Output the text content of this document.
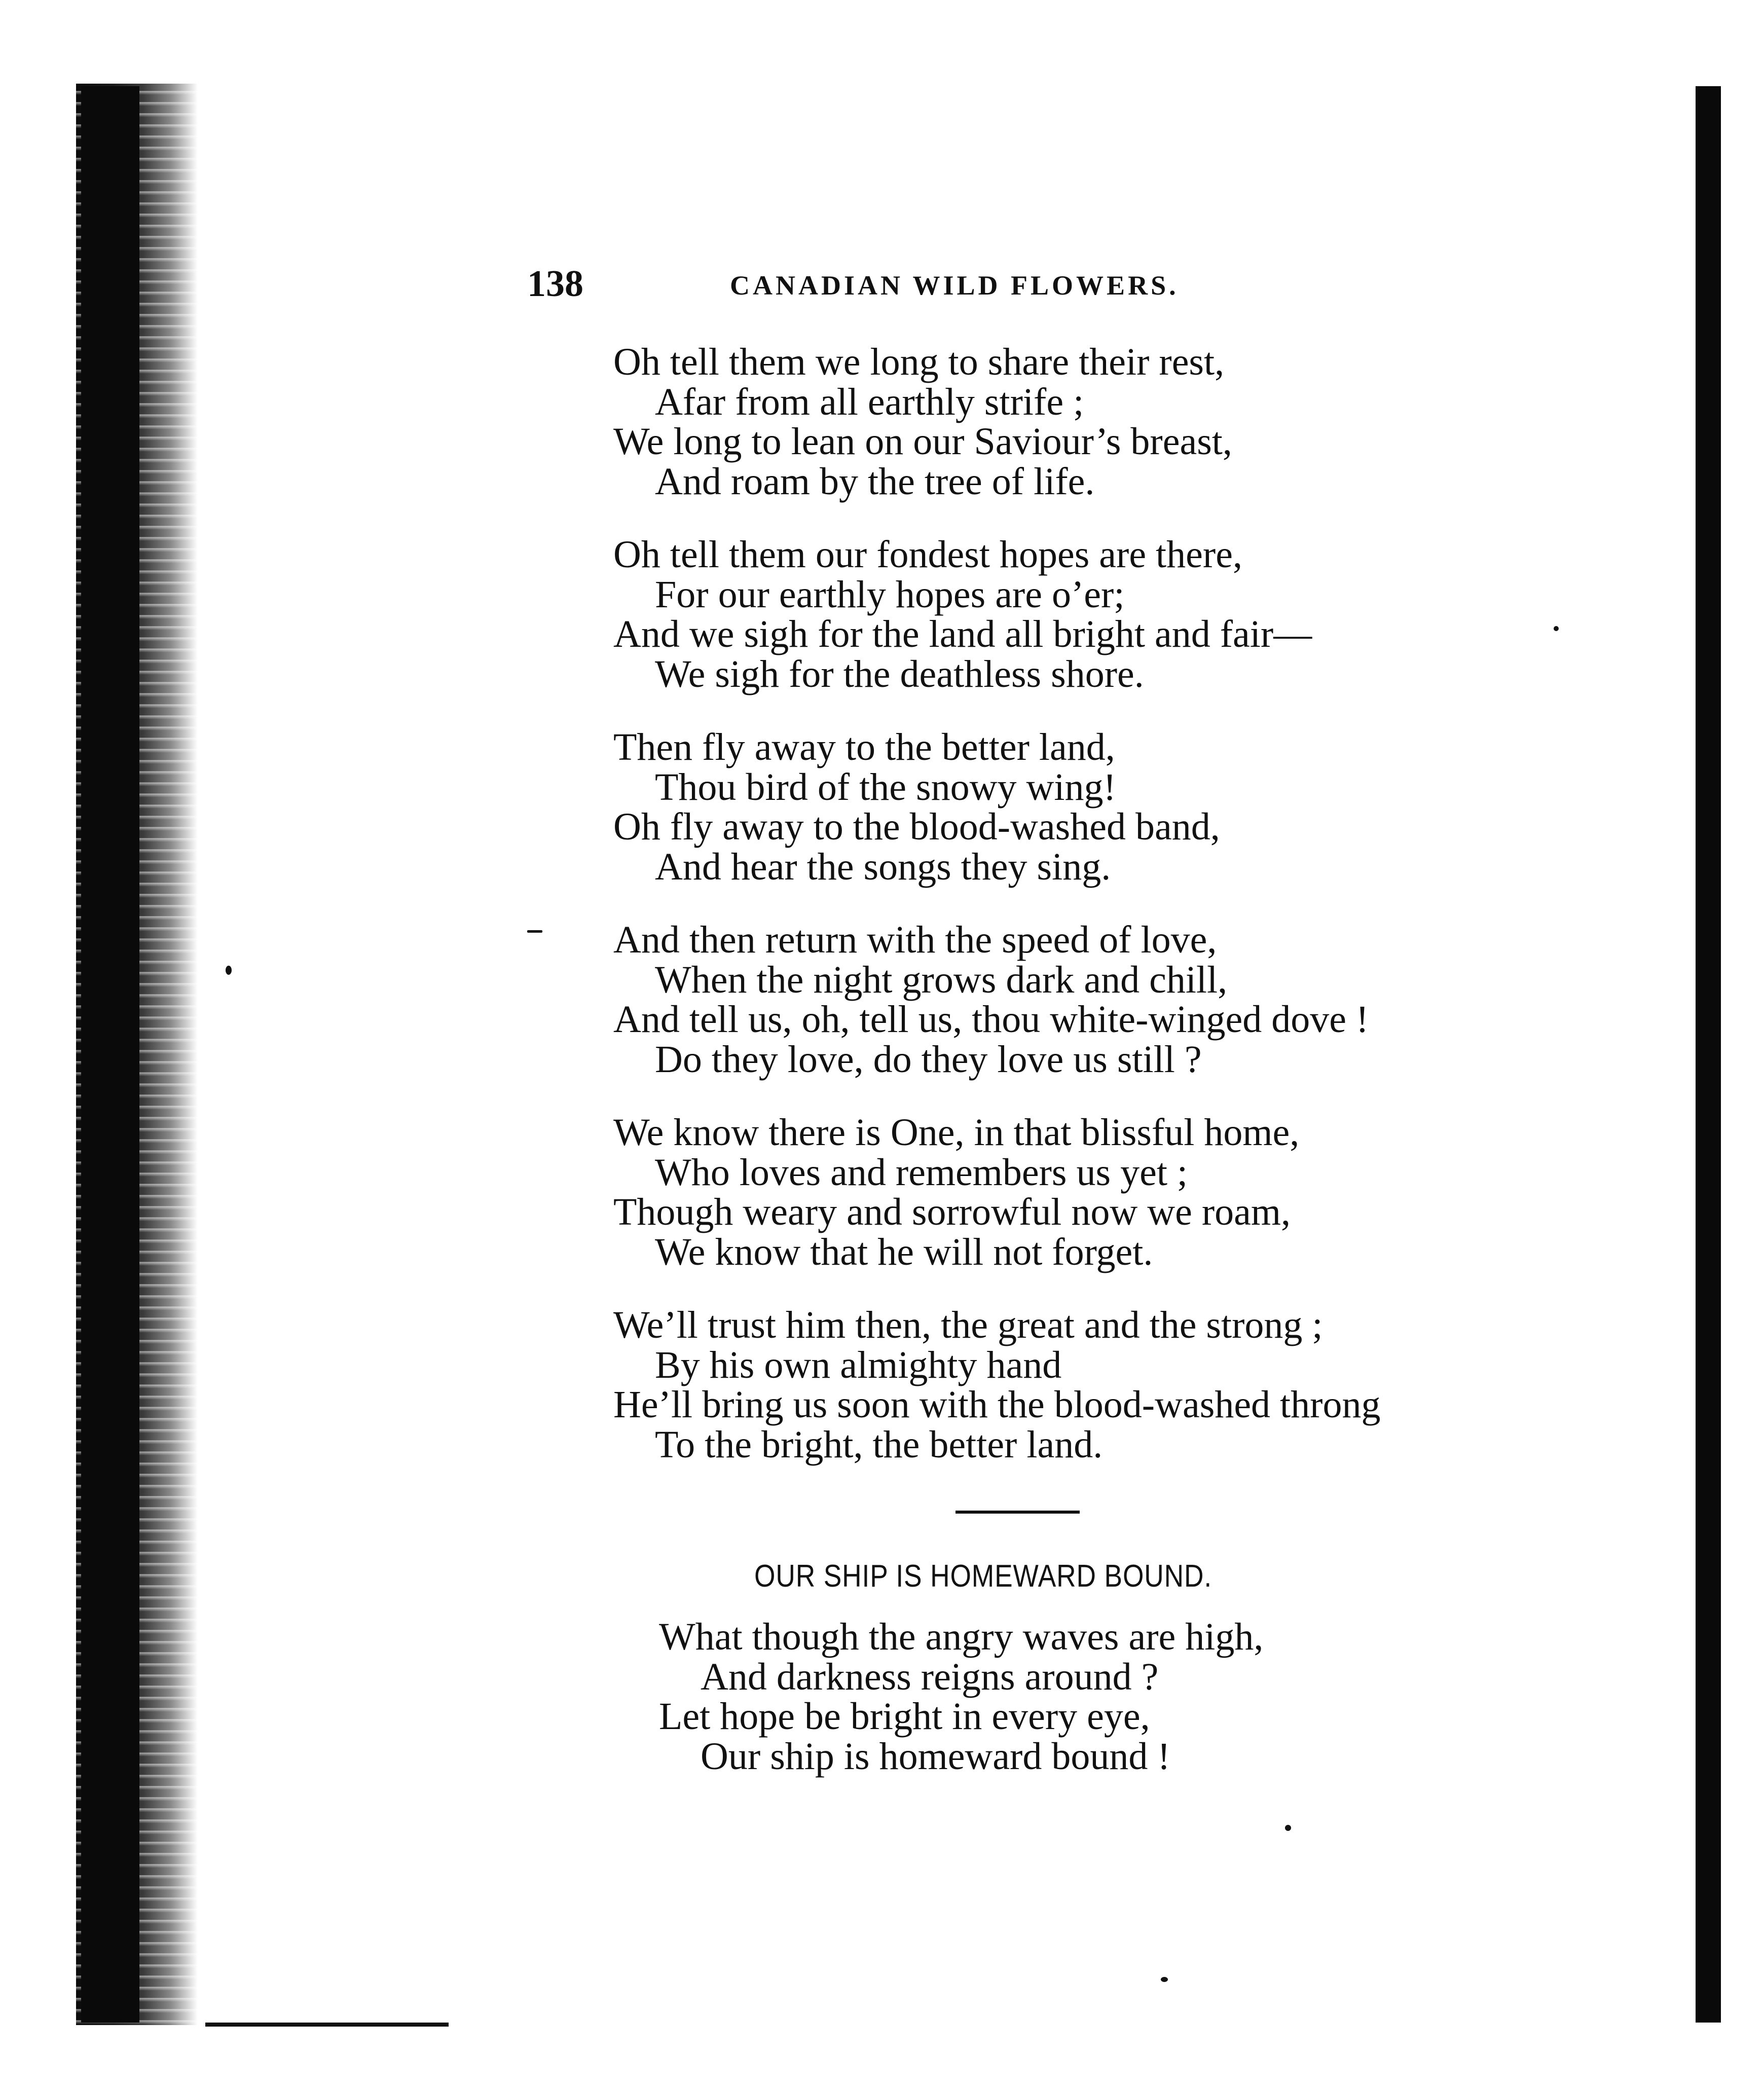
138	CANADIAN WILD FLOWERS.
Oh tell them we long to share their rest,
Afar from all earthly strife ;
We long to lean on our Saviour’s breast,
And roam by the tree of life.
Oh tell them our fondest hopes are there,
For our earthly hopes are o’er;
And we sigh for the land all bright and fair—
We sigh for the deathless shore.
Then fly away to the better land,
Thou bird of the snowy wing!
Oh fly away to the blood-washed band,
And hear the songs they sing.
And then return with the speed of love,
When the night grows dark and chill,
And tell us, oh, tell us, thou white-winged dove !
Do they love, do they love us still ?
We know there is One, in that blissful home,
Who loves and remembers us yet ;
Though weary and sorrowful now we roam,
We know that he will not forget.
We’ll trust him then, the great and the strong ;
By his own almighty hand
He’ll bring us soon with the blood-washed throng
To the bright, the better land.
OUR SHIP IS HOMEWARD BOUND.
What though the angry waves are high,
And darkness reigns around ?
Let hope be bright in every eye,
Our ship is homeward bound !
